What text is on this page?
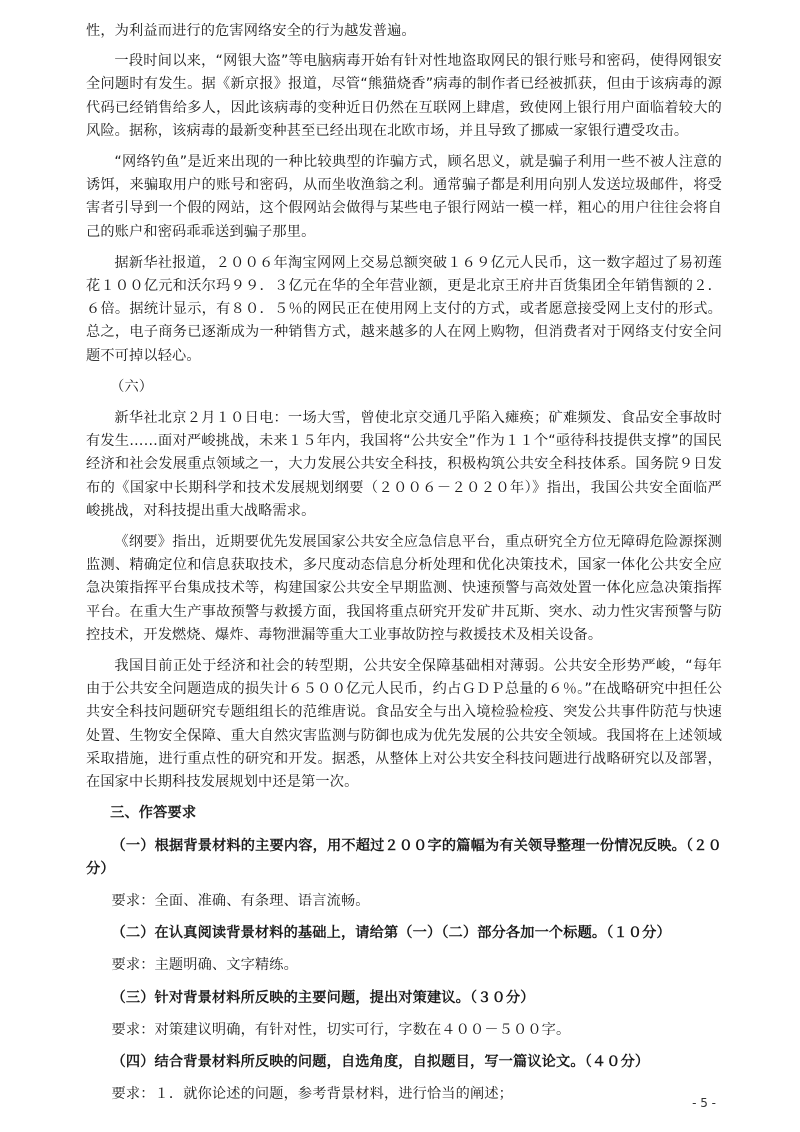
性，为利益而进行的危害网络安全的行为越发普遍。

一段时间以来，“网银大盗”等电脑病毒开始有针对性地盗取网民的银行账号和密码，使得网银安全问题时有发生。据《新京报》报道，尽管“熊猫烧香”病毒的制作者已经被抓获，但由于该病毒的源代码已经销售给多人，因此该病毒的变种近日仍然在互联网上肆虐，致使网上银行用户面临着较大的风险。据称，该病毒的最新变种甚至已经出现在北欧市场，并且导致了挪威一家银行遭受攻击。

“网络钓鱼”是近来出现的一种比较典型的诈骗方式，顾名思义，就是骗子利用一些不被人注意的诱饵，来骗取用户的账号和密码，从而坐收渔翁之利。通常骗子都是利用向别人发送垃圾邮件，将受害者引导到一个假的网站，这个假网站会做得与某些电子银行网站一模一样，粗心的用户往往会将自己的账户和密码乖乖送到骗子那里。

据新华社报道，２００６年淘宝网网上交易总额突破１６９亿元人民币，这一数字超过了易初莲花１００亿元和沃尔玛９９．３亿元在华的全年营业额，更是北京王府井百货集团全年销售额的２．６倍。据统计显示，有８０．５％的网民正在使用网上支付的方式，或者愿意接受网上支付的形式。总之，电子商务已逐渐成为一种销售方式，越来越多的人在网上购物，但消费者对于网络支付安全问题不可掉以轻心。

（六）

新华社北京２月１０日电：一场大雪，曾使北京交通几乎陷入瘫痪；矿难频发、食品安全事故时有发生……面对严峻挑战，未来１５年内，我国将“公共安全”作为１１个“亟待科技提供支撑”的国民经济和社会发展重点领域之一，大力发展公共安全科技，积极构筑公共安全科技体系。国务院９日发布的《国家中长期科学和技术发展规划纲要（２００６－２０２０年）》指出，我国公共安全面临严峻挑战，对科技提出重大战略需求。

《纲要》指出，近期要优先发展国家公共安全应急信息平台，重点研究全方位无障碍危险源探测监测、精确定位和信息获取技术，多尺度动态信息分析处理和优化决策技术，国家一体化公共安全应急决策指挥平台集成技术等，构建国家公共安全早期监测、快速预警与高效处置一体化应急决策指挥平台。在重大生产事故预警与救援方面，我国将重点研究开发矿井瓦斯、突水、动力性灾害预警与防控技术，开发燃烧、爆炸、毒物泄漏等重大工业事故防控与救援技术及相关设备。

我国目前正处于经济和社会的转型期，公共安全保障基础相对薄弱。公共安全形势严峻，“每年由于公共安全问题造成的损失计６５００亿元人民币，约占ＧＤＰ总量的６％。”在战略研究中担任公共安全科技问题研究专题组组长的范维唐说。食品安全与出入境检验检疫、突发公共事件防范与快速处置、生物安全保障、重大自然灾害监测与防御也成为优先发展的公共安全领域。我国将在上述领域采取措施，进行重点性的研究和开发。据悉，从整体上对公共安全科技问题进行战略研究以及部署，在国家中长期科技发展规划中还是第一次。

三、作答要求

（一）根据背景材料的主要内容，用不超过２００字的篇幅为有关领导整理一份情况反映。（２０分）

要求：全面、准确、有条理、语言流畅。

（二）在认真阅读背景材料的基础上，请给第（一）（二）部分各加一个标题。（１０分）

要求：主题明确、文字精练。

（三）针对背景材料所反映的主要问题，提出对策建议。（３０分）

要求：对策建议明确，有针对性，切实可行，字数在４００－５００字。

（四）结合背景材料所反映的问题，自选角度，自拟题目，写一篇议论文。（４０分）

要求：１．就你论述的问题，参考背景材料，进行恰当的阐述；

- 5 -
